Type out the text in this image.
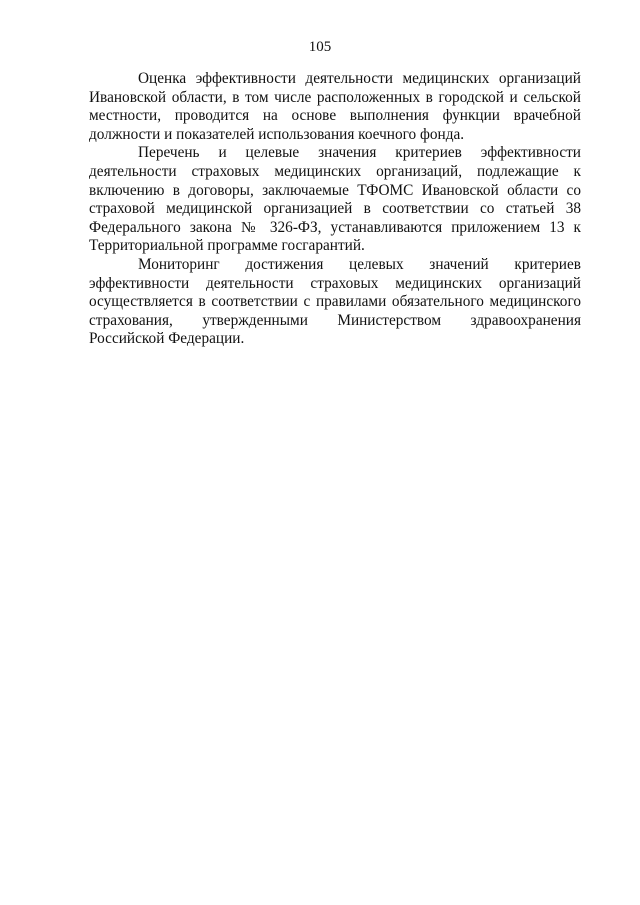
105

Оценка эффективности деятельности медицинских организаций
Ивановской области, в том числе расположенных в городской и сельской
местности, проводится на основе выполнения функции врачебной
должности и показателей использования коечного фонда.

Перечень и целевые значения критериев эффективности
деятельности страховых медицинских организаций, подлежащие к
включению в договоры, заключаемые ТФОМС Ивановской области со
страховой медицинской организацией в соответствии со статьей 38
Федерального закона № 326-ФЗ, устанавливаются приложением 13 к
Территориальной программе госгарантий.

Мониторинг достижения целевых значений критериев
эффективности деятельности страховых медицинских организаций
осуществляется в соответствии с правилами обязательного медицинского
страхования, утвержденными Министерством здравоохранения
Российской Федерации.
